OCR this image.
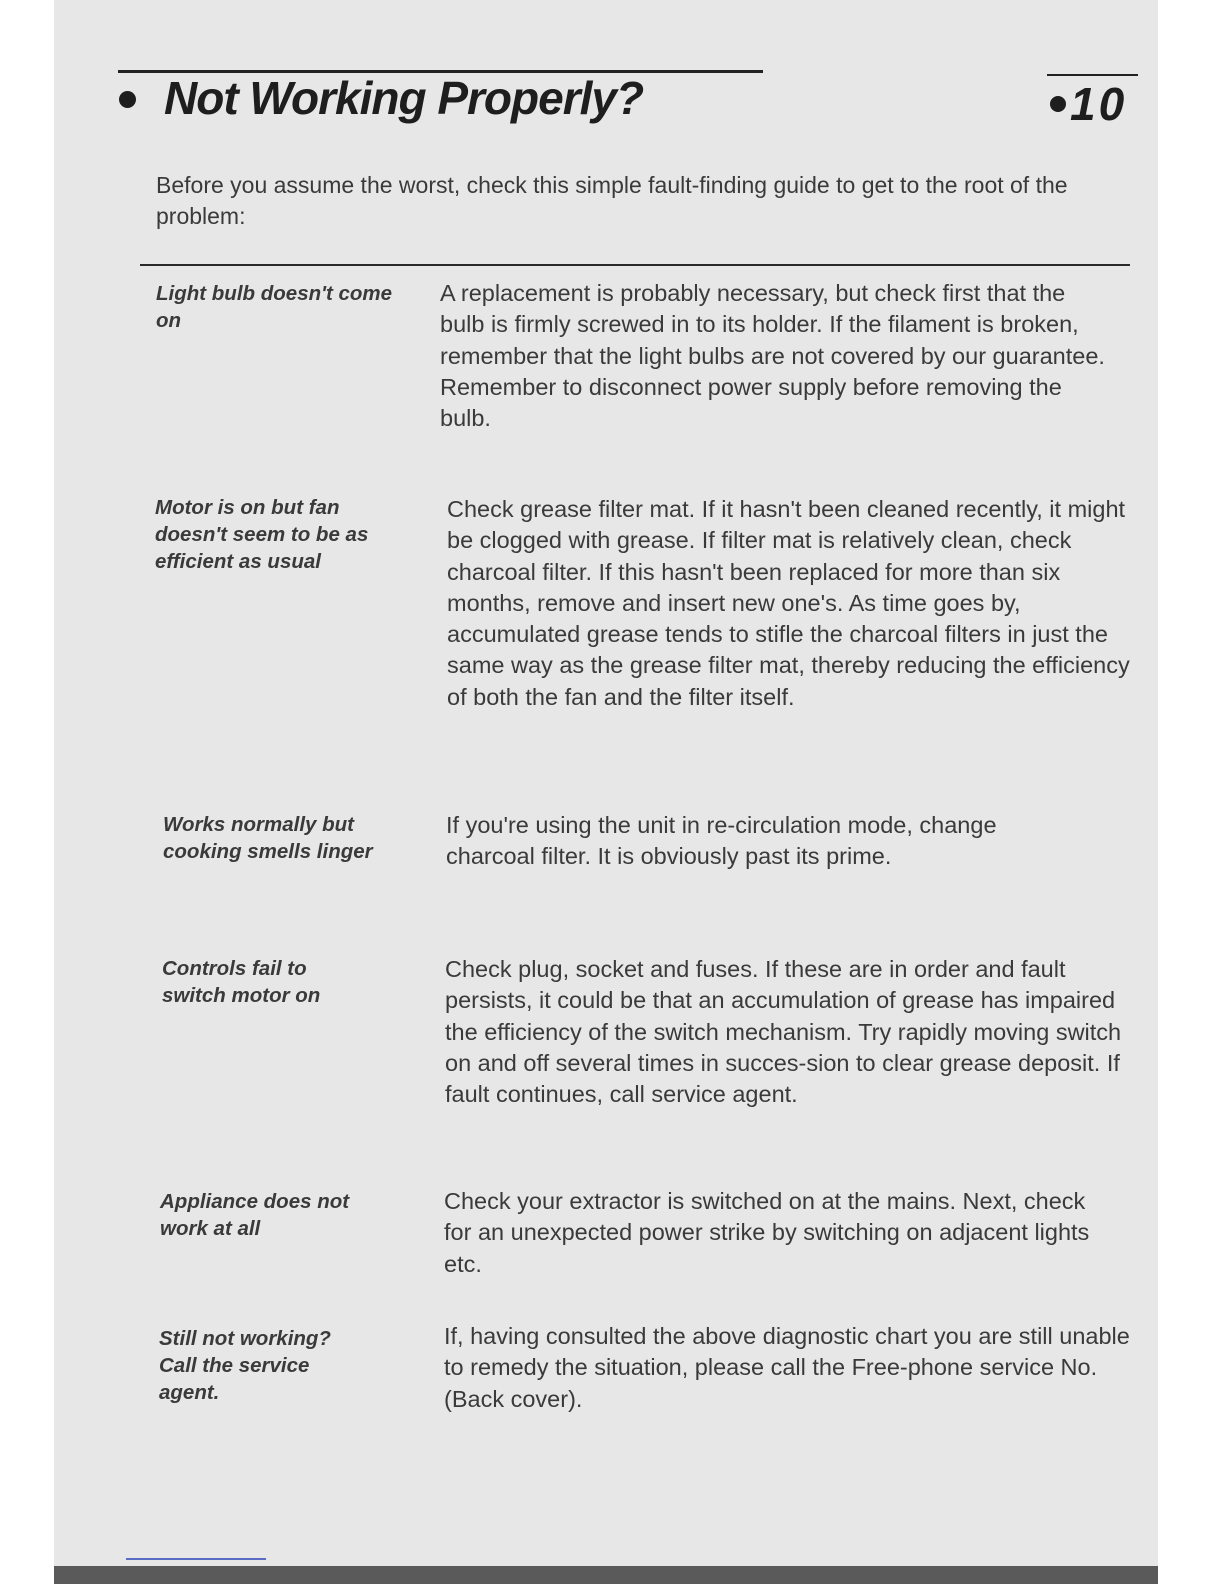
Not Working Properly?	10

Before you assume the worst, check this simple fault-finding guide to get to the root of the problem:

Light bulb doesn't come on

A replacement is probably necessary, but check first that the bulb is firmly screwed in to its holder. If the filament is broken, remember that the light bulbs are not covered by our guarantee. Remember to disconnect power supply before removing the bulb.

Motor is on but fan doesn't seem to be as efficient as usual

Check grease filter mat. If it hasn't been cleaned recently, it might be clogged with grease. If filter mat is relatively clean, check charcoal filter. If this hasn't been replaced for more than six months, remove and insert new one's. As time goes by, accumulated grease tends to stifle the charcoal filters in just the same way as the grease filter mat, thereby reducing the efficiency of both the fan and the filter itself.

Works normally but cooking smells linger

If you're using the unit in re-circulation mode, change charcoal filter. It is obviously past its prime.

Controls fail to switch motor on

Check plug, socket and fuses. If these are in order and fault persists, it could be that an accumulation of grease has impaired the efficiency of the switch mechanism. Try rapidly moving switch on and off several times in succes-sion to clear grease deposit. If fault continues, call service agent.

Appliance does not work at all

Check your extractor is switched on at the mains. Next, check for an unexpected power strike by switching on adjacent lights etc.

Still not working? Call the service agent.

If, having consulted the above diagnostic chart you are still unable to remedy the situation, please call the Free-phone service No. (Back cover).
